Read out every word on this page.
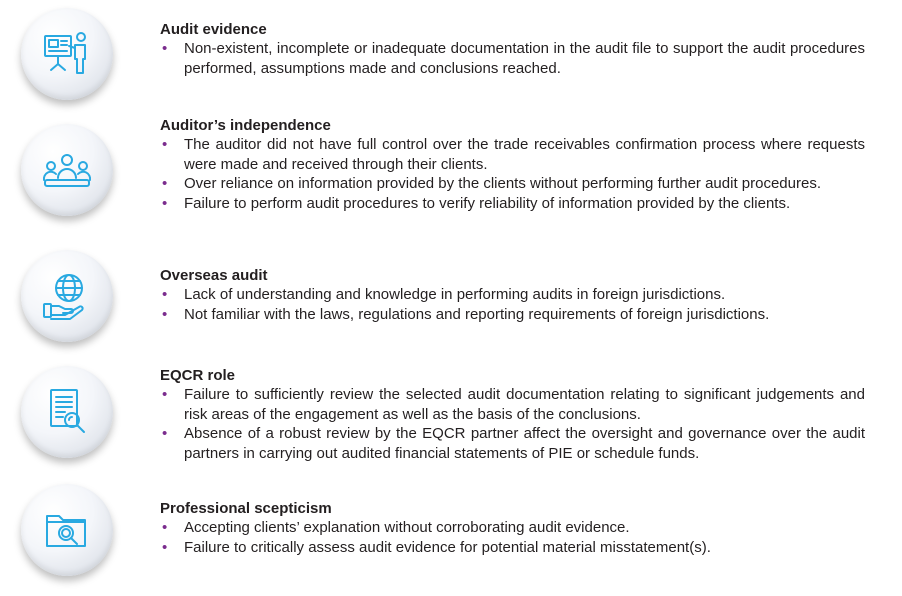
Audit evidence

• Non-existent, incomplete or inadequate documentation in the audit file to support the audit procedures performed, assumptions made and conclusions reached.

Auditor’s independence

• The auditor did not have full control over the trade receivables confirmation process where requests were made and received through their clients.
• Over reliance on information provided by the clients without performing further audit procedures.
• Failure to perform audit procedures to verify reliability of information provided by the clients.

Overseas audit

• Lack of understanding and knowledge in performing audits in foreign jurisdictions.
• Not familiar with the laws, regulations and reporting requirements of foreign jurisdictions.

EQCR role

• Failure to sufficiently review the selected audit documentation relating to significant judgements and risk areas of the engagement as well as the basis of the conclusions.
• Absence of a robust review by the EQCR partner affect the oversight and governance over the audit partners in carrying out audited financial statements of PIE or schedule funds.

Professional scepticism

• Accepting clients’ explanation without corroborating audit evidence.
• Failure to critically assess audit evidence for potential material misstatement(s).
